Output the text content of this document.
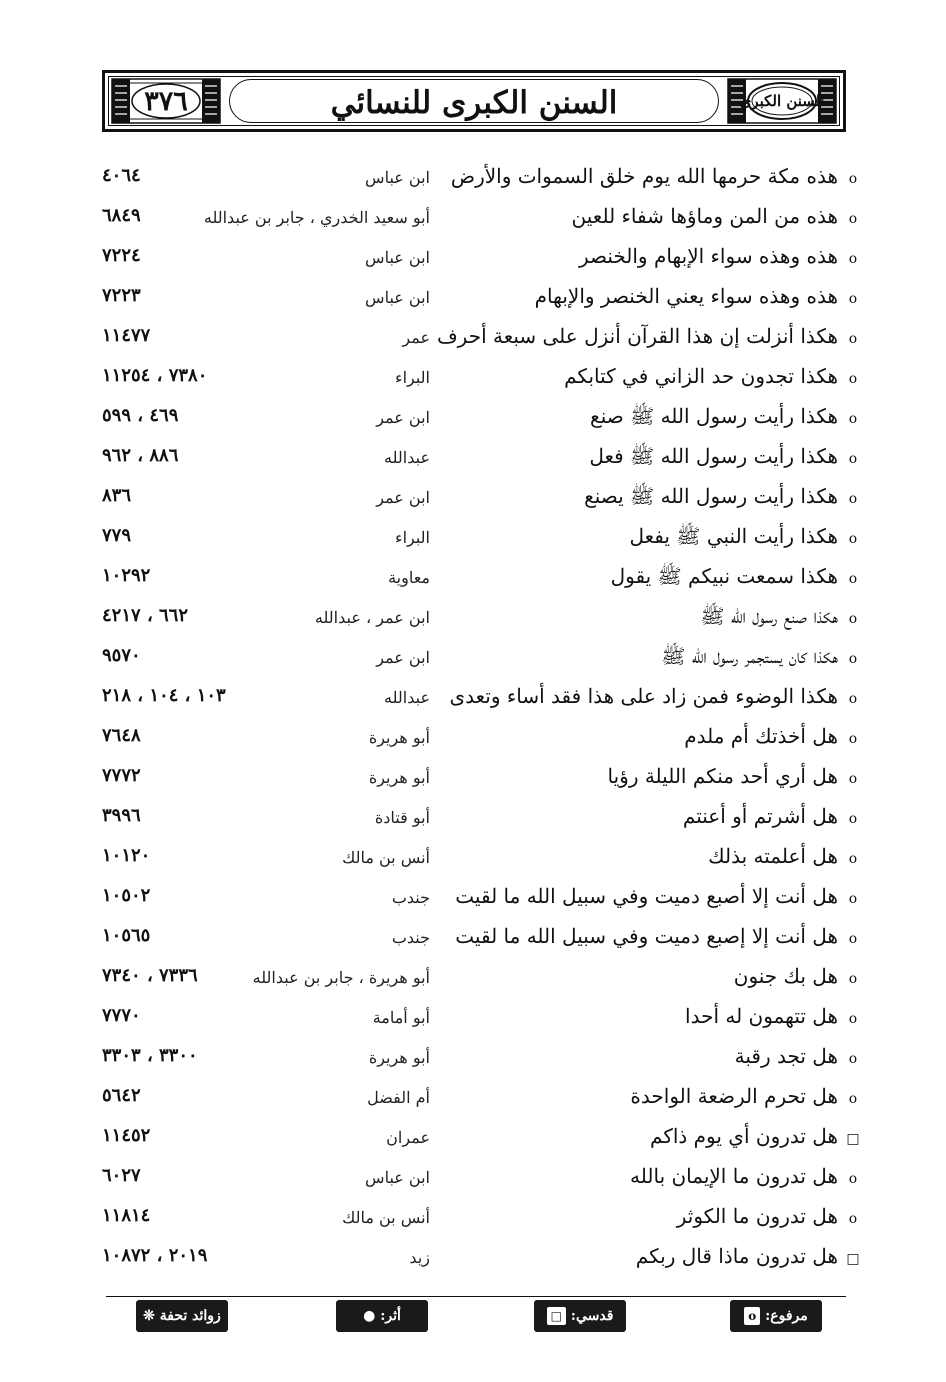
٣٧٦	السنن الكبرى للنسائي	السنن الكبرى
oهذه مكة حرمها الله يوم خلق السموات والأرض
ابن عباس
٤٠٦٤
oهذه من المن وماؤها شفاء للعين
أبو سعيد الخدري ، جابر بن عبدالله
٦٨٤٩
oهذه وهذه سواء الإبهام والخنصر
ابن عباس
٧٢٢٤
oهذه وهذه سواء يعني الخنصر والإبهام
ابن عباس
٧٢٢٣
oهكذا أنزلت إن هذا القرآن أنزل على سبعة أحرف
عمر
١١٤٧٧
oهكذا تجدون حد الزاني في كتابكم
البراء
٧٣٨٠ ، ١١٢٥٤
oهكذا رأيت رسول الله ﷺ صنع
ابن عمر
٤٦٩ ، ٥٩٩
oهكذا رأيت رسول الله ﷺ فعل
عبدالله
٨٨٦ ، ٩٦٢
oهكذا رأيت رسول الله ﷺ يصنع
ابن عمر
٨٣٦
oهكذا رأيت النبي ﷺ يفعل
البراء
٧٧٩
oهكذا سمعت نبيكم ﷺ يقول
معاوية
١٠٢٩٢
oهكذا صنع رسول الله ﷺ
ابن عمر ، عبدالله
٦٦٢ ، ٤٢١٧
oهكذا كان يستجمر رسول الله ﷺ
ابن عمر
٩٥٧٠
oهكذا الوضوء فمن زاد على هذا فقد أساء وتعدى
عبدالله
١٠٣ ، ١٠٤ ، ٢١٨
oهل أخذتك أم ملدم
أبو هريرة
٧٦٤٨
oهل أري أحد منكم الليلة رؤيا
أبو هريرة
٧٧٧٢
oهل أشرتم أو أعنتم
أبو قتادة
٣٩٩٦
oهل أعلمته بذلك
أنس بن مالك
١٠١٢٠
oهل أنت إلا أصبع دميت وفي سبيل الله ما لقيت
جندب
١٠٥٠٢
oهل أنت إلا إصبع دميت وفي سبيل الله ما لقيت
جندب
١٠٥٦٥
oهل بك جنون
أبو هريرة ، جابر بن عبدالله
٧٣٣٦ ، ٧٣٤٠
oهل تتهمون له أحدا
أبو أمامة
٧٧٧٠
oهل تجد رقبة
أبو هريرة
٣٣٠٠ ، ٣٣٠٣
oهل تحرم الرضعة الواحدة
أم الفضل
٥٦٤٢
□هل تدرون أي يوم ذاكم
عمران
١١٤٥٢
oهل تدرون ما الإيمان بالله
ابن عباس
٦٠٢٧
oهل تدرون ما الكوثر
أنس بن مالك
١١٨١٤
□هل تدرون ماذا قال ربكم
زيد
٢٠١٩ ، ١٠٨٧٢
مرفوع: o
قدسي: □
أثر: ●
زوائد تحفة ❊
